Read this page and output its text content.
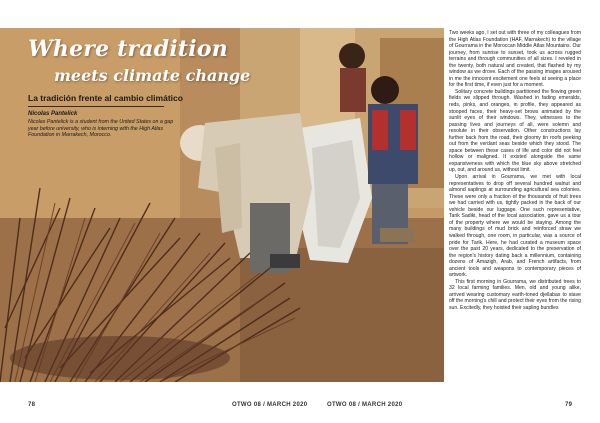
Where tradition
meets climate change
La tradición frente al cambio climático
Nicolas Pantelick
Nicolas Pantelick is a student from the United States on a gap year before university, who is interning with the High Atlas Foundation in Marrakech, Morocco.

Two weeks ago, I set out with three of my colleagues from the High Atlas Foundation (HAF, Marrakech) to the village of Gourrama in the Moroccan Middle Atlas Mountains. Our journey, from sunrise to sunset, took us across rugged terrains and through communities of all sizes. I reveled in the twenty, both natural and created, that flashed by my window as we drove. Each of the passing images aroused in me the innocent excitement one feels at seeing a place for the first time, if even just for a moment.

Solitary concrete buildings partitioned the flowing green fields we slipped through. Washed in fading emeralds, reds, pinks, and oranges, in profile, they appeared as stooped faces, their heavy-set brows animated by the sunlit eyes of their windows. They, witnesses to the passing lives and journeys of all, were solemn and resolute in their observation. Other constructions lay further back from the road, their gloomy tin roofs peeking out from the verdant seas beside which they stood. The space between these cases of life and color did not feel hollow or maligned. It existed alongside the same expansiveness with which the blue sky above stretched up, out, and around us, without limit.

Upon arrival in Gourrama, we met with local representatives to drop off several hundred walnut and almond saplings at surrounding agricultural sea colonies. These were only a fraction of the thousands of fruit trees we had carried with us, tightly packed in the back of our vehicle beside our luggage. One such representative, Tarik Sadiki, head of the local association, gave us a tour of the property where we would be staying. Among the many buildings of mud brick and reinforced straw we walked through, one room, in particular, was a source of pride for Tarik. Here, he had curated a museum space over the past 20 years, dedicated to the preservation of the region's history dating back a millennium, containing dozens of Amazigh, Arab, and French artifacts, from ancient tools and weapons to contemporary pieces of artwork.

This first morning in Gourrama, we distributed trees to 32 local farming families. Men, old and young alike, arrived wearing customary earth-toned djellabas to stave off the morning's chill and protect their eyes from the rising sun. Excitedly, they hoisted their sapling bundles

78	OTWO 08 / MARCH 2020	OTWO 08 / MARCH 2020	79
